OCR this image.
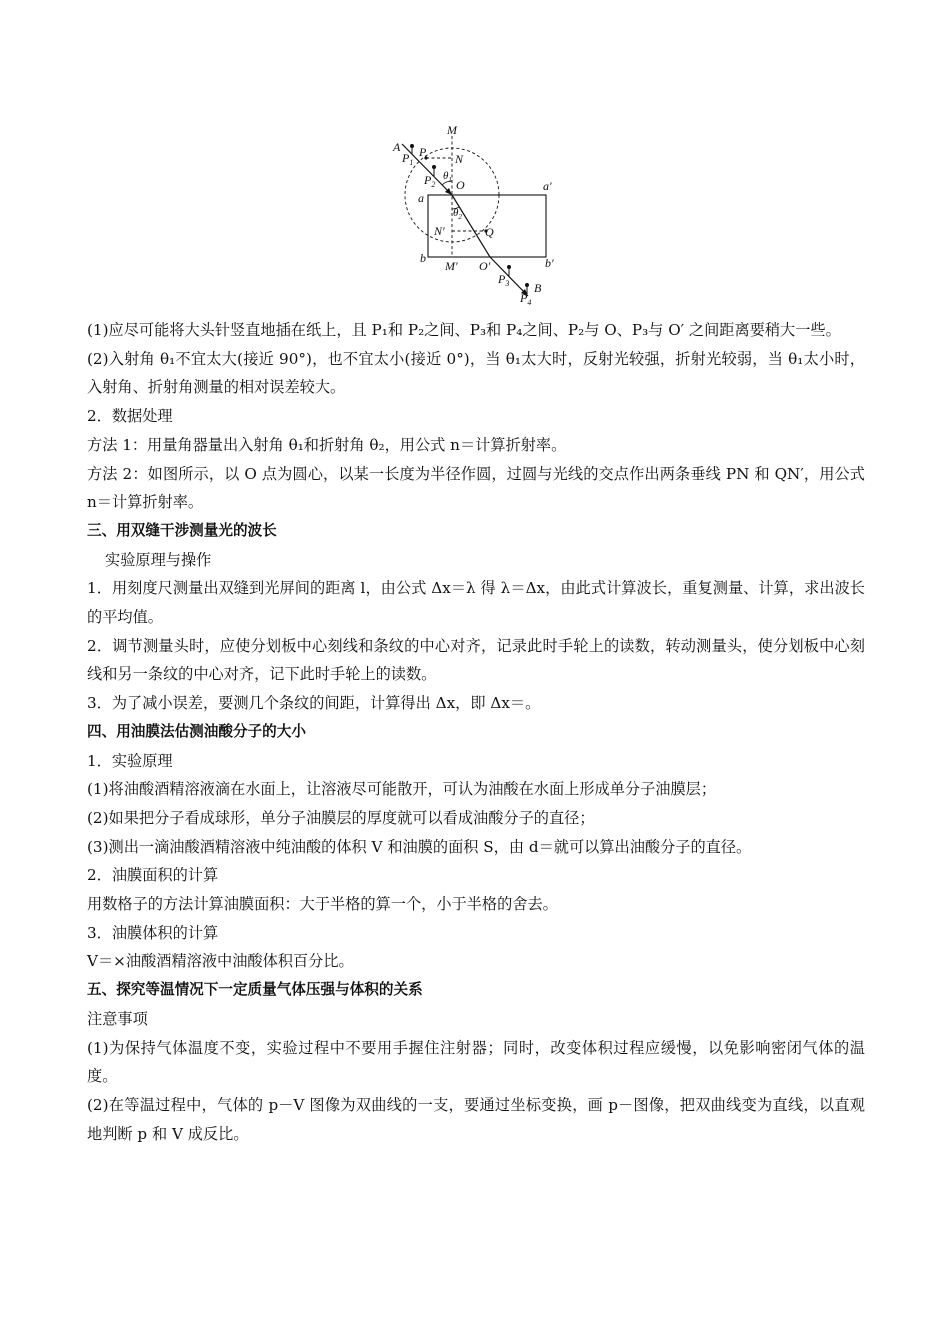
A
$P_1$
P
M
N
$\theta_1$
$P_2$ O	a′
a
$\theta_2$
N′	Q
b
M′ O′	b′
$P_3$ B
$P_4$

(1)应尽可能将大头针竖直地插在纸上，且 P₁和 P₂之间、P₃和 P₄之间、P₂与 O、P₃与 O′ 之间距离要稍大一些。

(2)入射角 θ₁不宜太大(接近 90°)，也不宜太小(接近 0°)，当 θ₁太大时，反射光较强，折射光较弱，当 θ₁太小时，入射角、折射角测量的相对误差较大。

2．数据处理

方法 1：用量角器量出入射角 θ₁和折射角 θ₂，用公式 n＝计算折射率。

方法 2：如图所示，以 O 点为圆心，以某一长度为半径作圆，过圆与光线的交点作出两条垂线 PN 和 QN′，用公式 n＝计算折射率。

三、用双缝干涉测量光的波长

实验原理与操作

1．用刻度尺测量出双缝到光屏间的距离 l，由公式 Δx＝λ 得 λ＝Δx，由此式计算波长，重复测量、计算，求出波长的平均值。

2．调节测量头时，应使分划板中心刻线和条纹的中心对齐，记录此时手轮上的读数，转动测量头，使分划板中心刻线和另一条纹的中心对齐，记下此时手轮上的读数。

3．为了减小误差，要测几个条纹的间距，计算得出 Δx，即 Δx＝。

四、用油膜法估测油酸分子的大小

1．实验原理

(1)将油酸酒精溶液滴在水面上，让溶液尽可能散开，可认为油酸在水面上形成单分子油膜层；

(2)如果把分子看成球形，单分子油膜层的厚度就可以看成油酸分子的直径；

(3)测出一滴油酸酒精溶液中纯油酸的体积 V 和油膜的面积 S，由 d＝就可以算出油酸分子的直径。

2．油膜面积的计算

用数格子的方法计算油膜面积：大于半格的算一个，小于半格的舍去。

3．油膜体积的计算

V＝×油酸酒精溶液中油酸体积百分比。

五、探究等温情况下一定质量气体压强与体积的关系

注意事项

(1)为保持气体温度不变，实验过程中不要用手握住注射器；同时，改变体积过程应缓慢，以免影响密闭气体的温度。

(2)在等温过程中，气体的 p－V 图像为双曲线的一支，要通过坐标变换，画 p－图像，把双曲线变为直线，以直观地判断 p 和 V 成反比。
